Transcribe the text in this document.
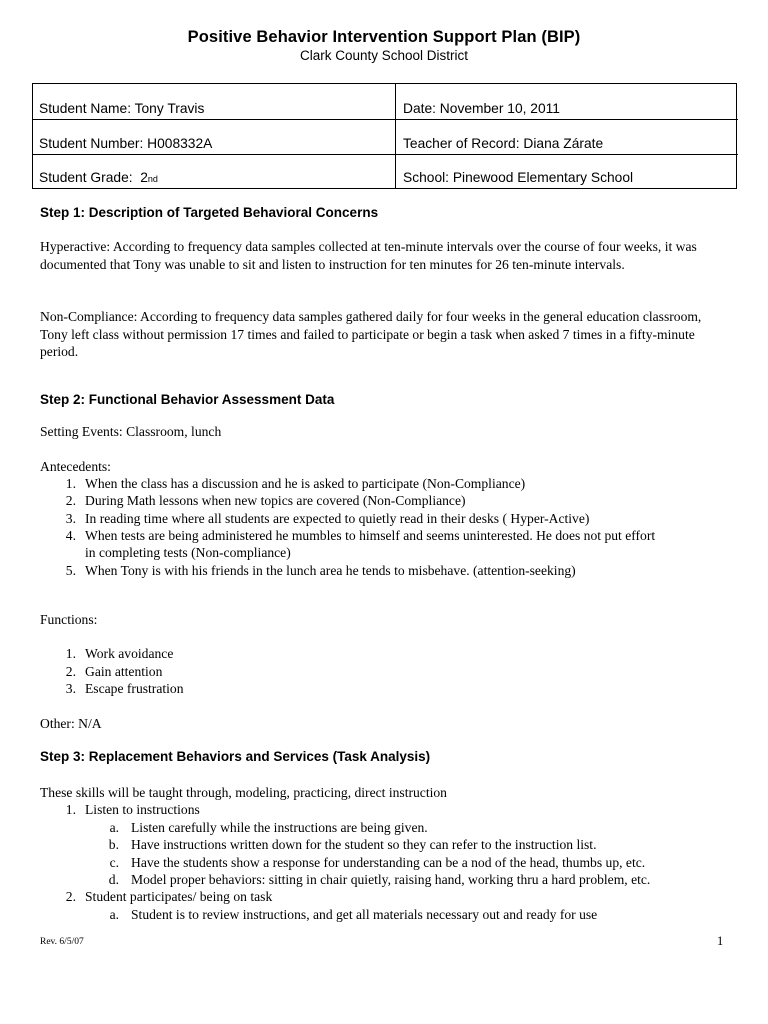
Positive Behavior Intervention Support Plan (BIP)
Clark County School District
Student Name: Tony Travis	Date: November 10, 2011
Student Number: H008332A	Teacher of Record: Diana Zárate
Student Grade:  2nd	School: Pinewood Elementary School
Step 1: Description of Targeted Behavioral Concerns
Hyperactive: According to frequency data samples collected at ten-minute intervals over the course of four weeks, it was documented that Tony was unable to sit and listen to instruction for ten minutes for 26 ten-minute intervals.
Non-Compliance: According to frequency data samples gathered daily for four weeks in the general education classroom, Tony left class without permission 17 times and failed to participate or begin a task when asked 7 times in a fifty-minute period.
Step 2: Functional Behavior Assessment Data
Setting Events: Classroom, lunch
Antecedents:
1. When the class has a discussion and he is asked to participate (Non-Compliance)
2. During Math lessons when new topics are covered (Non-Compliance)
3. In reading time where all students are expected to quietly read in their desks ( Hyper-Active)
4. When tests are being administered he mumbles to himself and seems uninterested. He does not put effort
in completing tests (Non-compliance)
5. When Tony is with his friends in the lunch area he tends to misbehave. (attention-seeking)
Functions:
1. Work avoidance
2. Gain attention
3. Escape frustration
Other: N/A
Step 3: Replacement Behaviors and Services (Task Analysis)
These skills will be taught through, modeling, practicing, direct instruction
1. Listen to instructions
a. Listen carefully while the instructions are being given.
b. Have instructions written down for the student so they can refer to the instruction list.
c. Have the students show a response for understanding can be a nod of the head, thumbs up, etc.
d. Model proper behaviors: sitting in chair quietly, raising hand, working thru a hard problem, etc.
2. Student participates/ being on task
a. Student is to review instructions, and get all materials necessary out and ready for use
Rev. 6/5/07	1
